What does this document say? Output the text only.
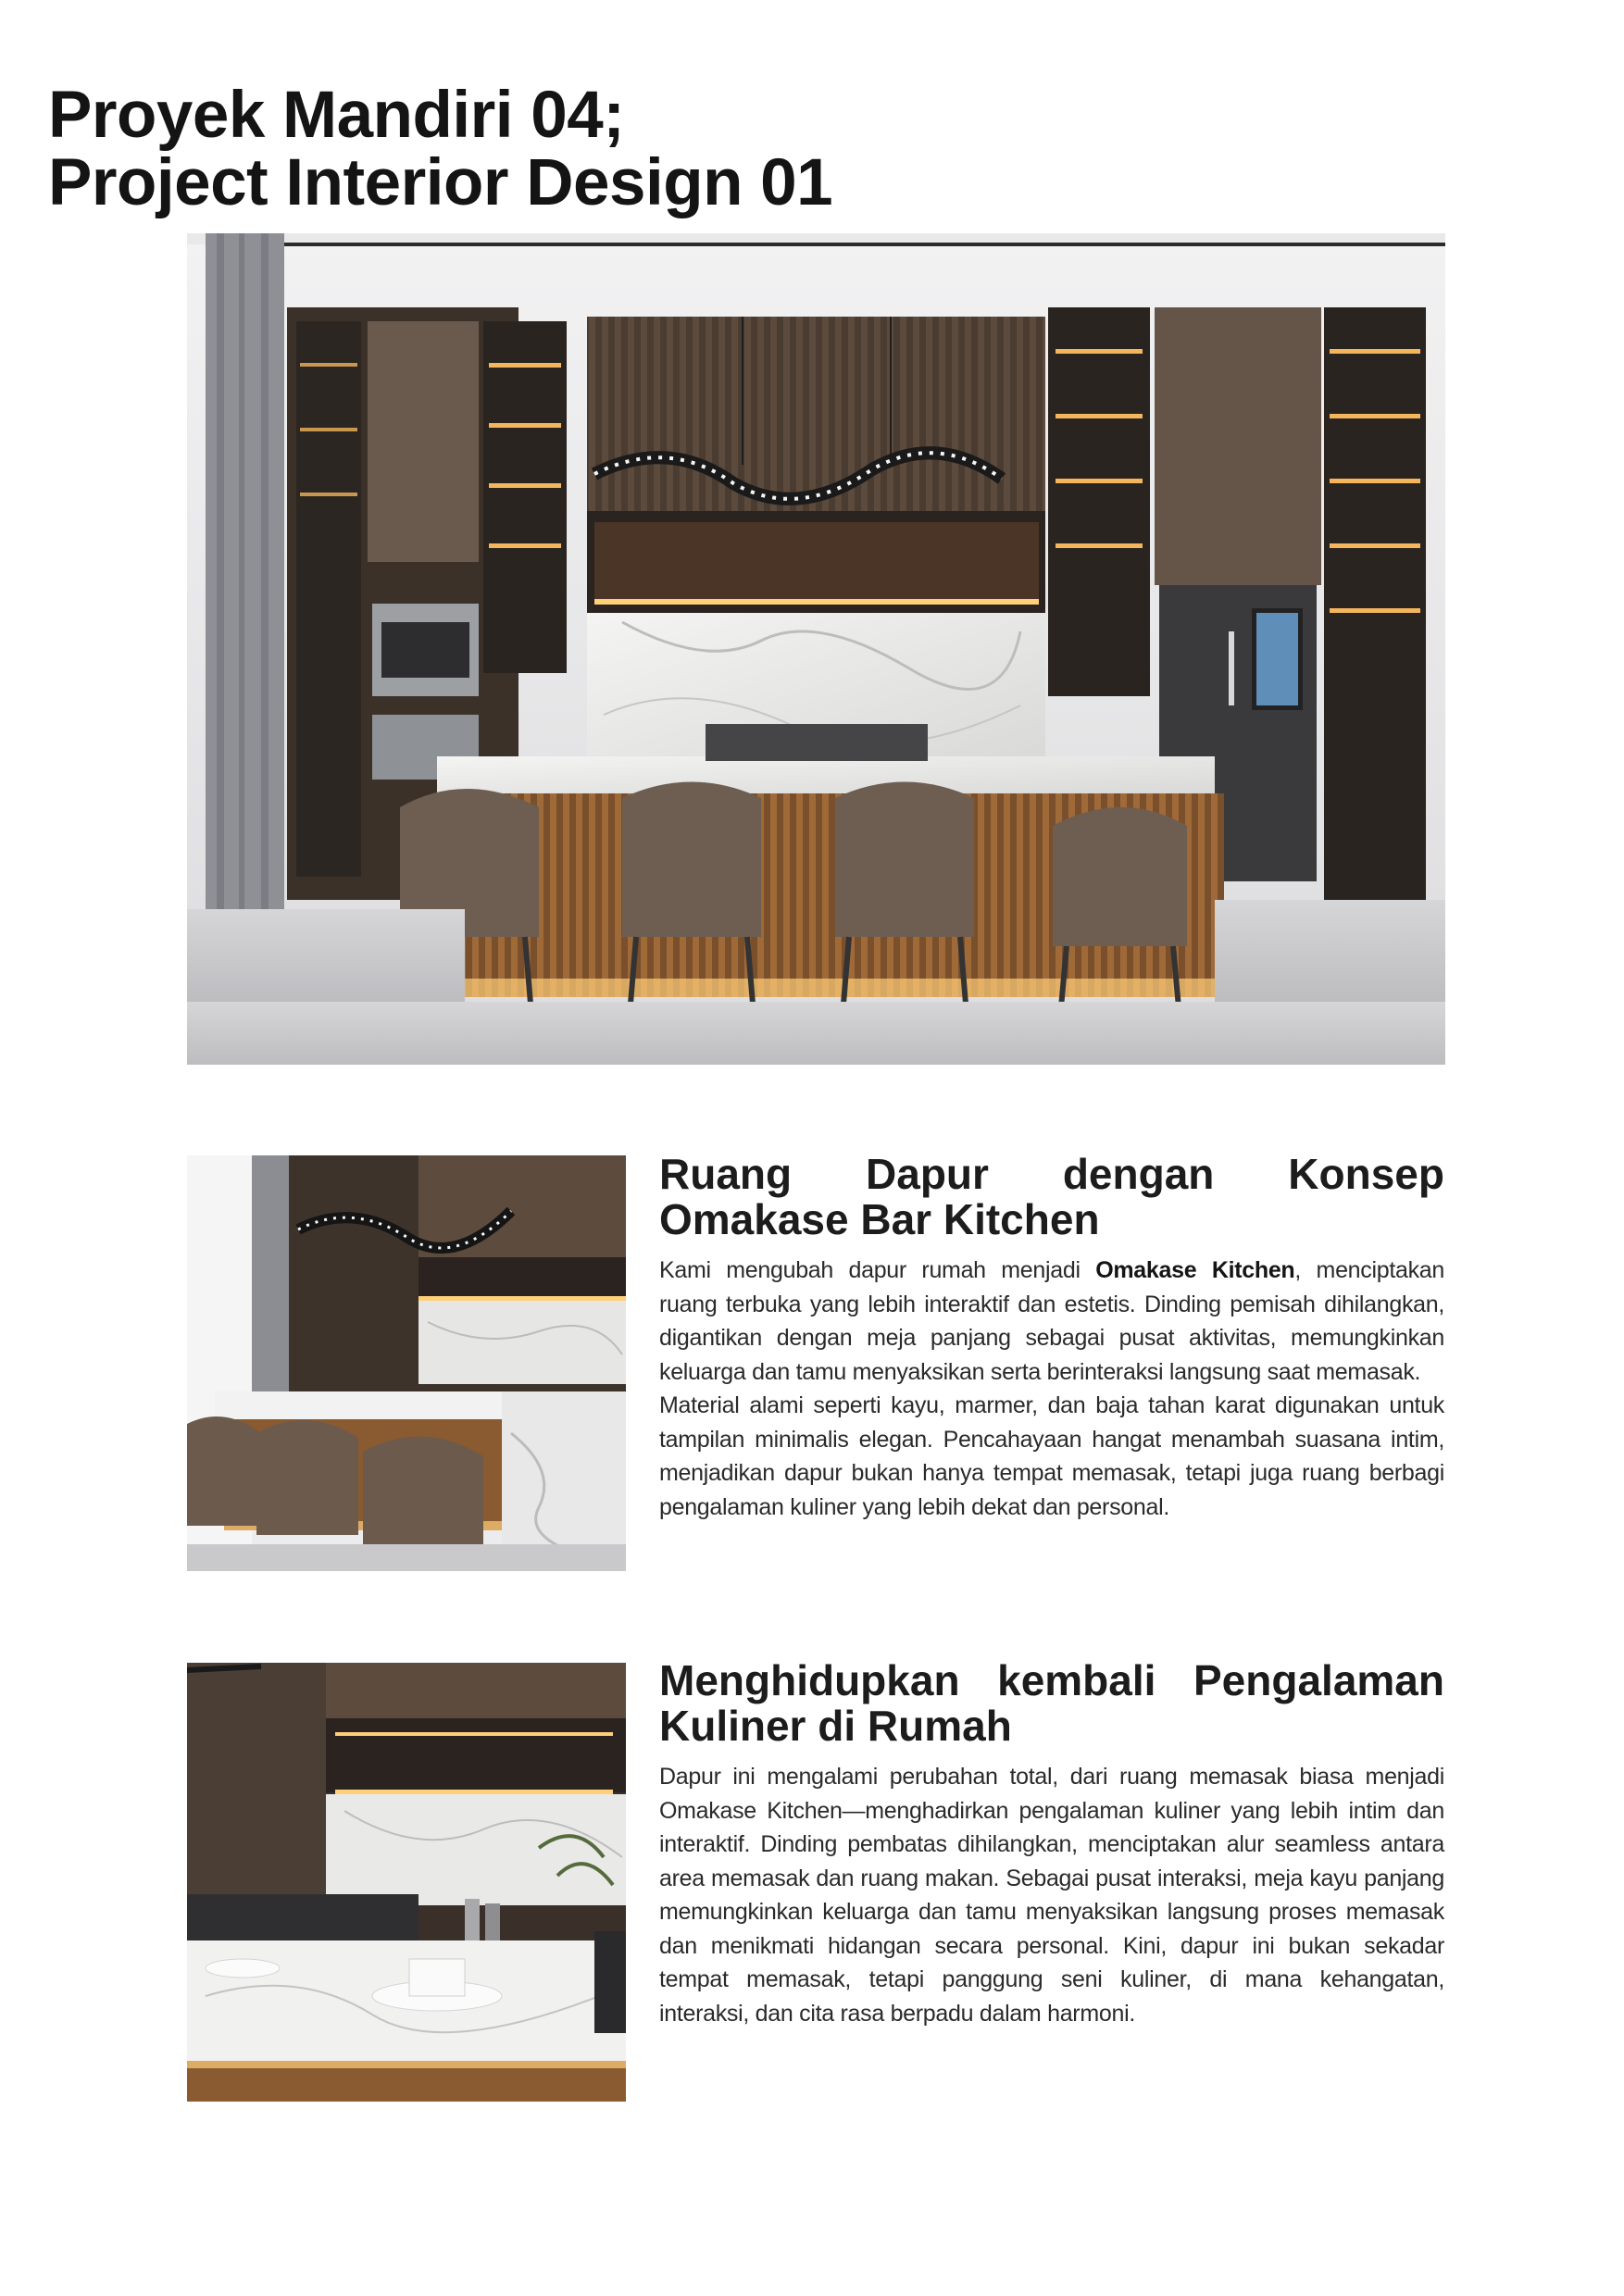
Proyek Mandiri 04;
Project Interior Design 01
Ruang Dapur dengan Konsep
Omakase Bar Kitchen

Kami mengubah dapur rumah menjadi Omakase Kitchen, menciptakan ruang terbuka yang lebih interaktif dan estetis. Dinding pemisah dihilangkan, digantikan dengan meja panjang sebagai pusat aktivitas, memungkinkan keluarga dan tamu menyaksikan serta berinteraksi langsung saat memasak.

Material alami seperti kayu, marmer, dan baja tahan karat digunakan untuk tampilan minimalis elegan. Pencahayaan hangat menambah suasana intim, menjadikan dapur bukan hanya tempat memasak, tetapi juga ruang berbagi pengalaman kuliner yang lebih dekat dan personal.

Menghidupkan kembali Pengalaman
Kuliner di Rumah

Dapur ini mengalami perubahan total, dari ruang memasak biasa menjadi Omakase Kitchen—menghadirkan pengalaman kuliner yang lebih intim dan interaktif. Dinding pembatas dihilangkan, menciptakan alur seamless antara area memasak dan ruang makan. Sebagai pusat interaksi, meja kayu panjang memungkinkan keluarga dan tamu menyaksikan langsung proses memasak dan menikmati hidangan secara personal. Kini, dapur ini bukan sekadar tempat memasak, tetapi panggung seni kuliner, di mana kehangatan, interaksi, dan cita rasa berpadu dalam harmoni.
